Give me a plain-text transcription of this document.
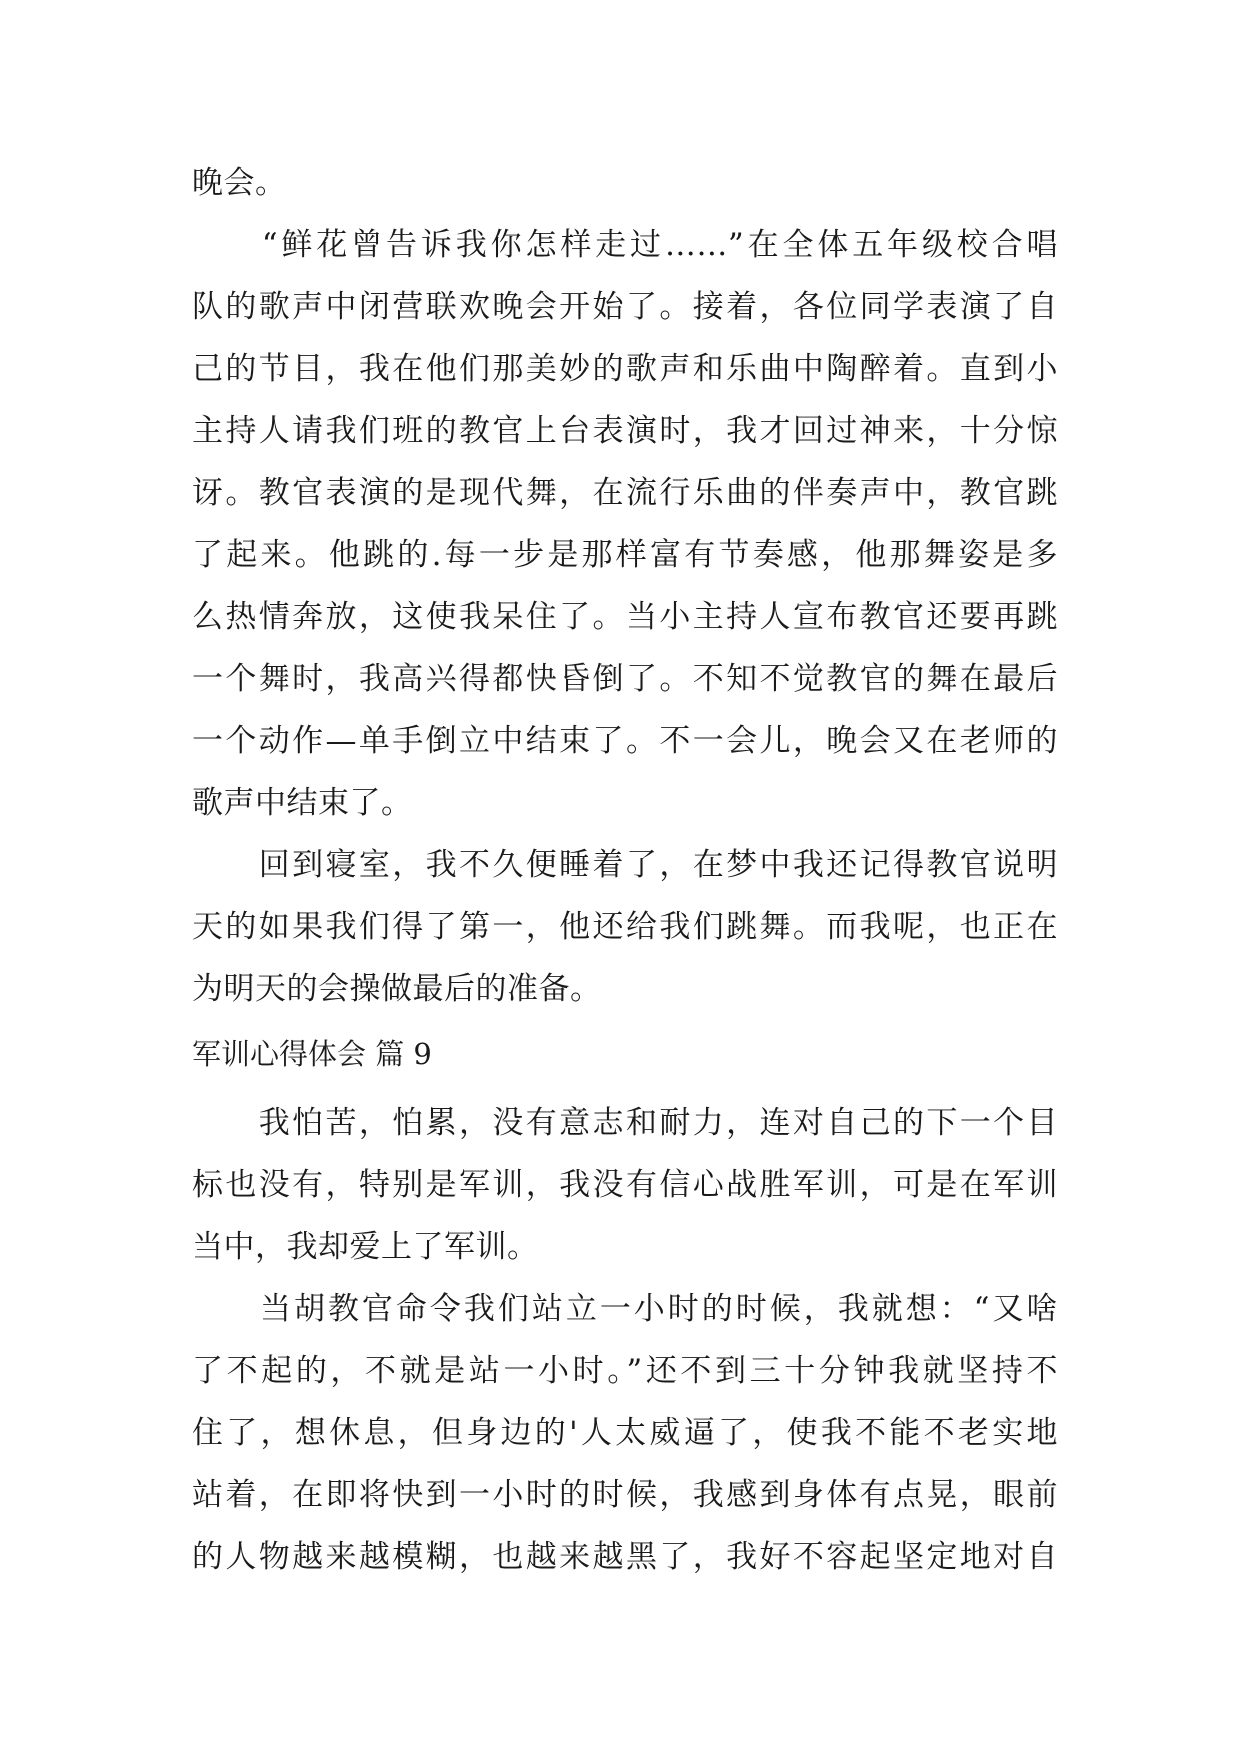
晚会。
　　“鲜花曾告诉我你怎样走过……”在全体五年级校合唱
队的歌声中闭营联欢晚会开始了。接着，各位同学表演了自
己的节目，我在他们那美妙的歌声和乐曲中陶醉着。直到小
主持人请我们班的教官上台表演时，我才回过神来，十分惊
讶。教官表演的是现代舞，在流行乐曲的伴奏声中，教官跳
了起来。他跳的.每一步是那样富有节奏感，他那舞姿是多
么热情奔放，这使我呆住了。当小主持人宣布教官还要再跳
一个舞时，我高兴得都快昏倒了。不知不觉教官的舞在最后
一个动作—单手倒立中结束了。不一会儿，晚会又在老师的
歌声中结束了。
　　回到寝室，我不久便睡着了，在梦中我还记得教官说明
天的如果我们得了第一，他还给我们跳舞。而我呢，也正在
为明天的会操做最后的准备。
军训心得体会 篇 9
　　我怕苦，怕累，没有意志和耐力，连对自己的下一个目
标也没有，特别是军训，我没有信心战胜军训，可是在军训
当中，我却爱上了军训。
　　当胡教官命令我们站立一小时的时候，我就想：“又啥
了不起的，不就是站一小时。”还不到三十分钟我就坚持不
住了，想休息，但身边的'人太威逼了，使我不能不老实地
站着，在即将快到一小时的时候，我感到身体有点晃，眼前
的人物越来越模糊，也越来越黑了，我好不容起坚定地对自
